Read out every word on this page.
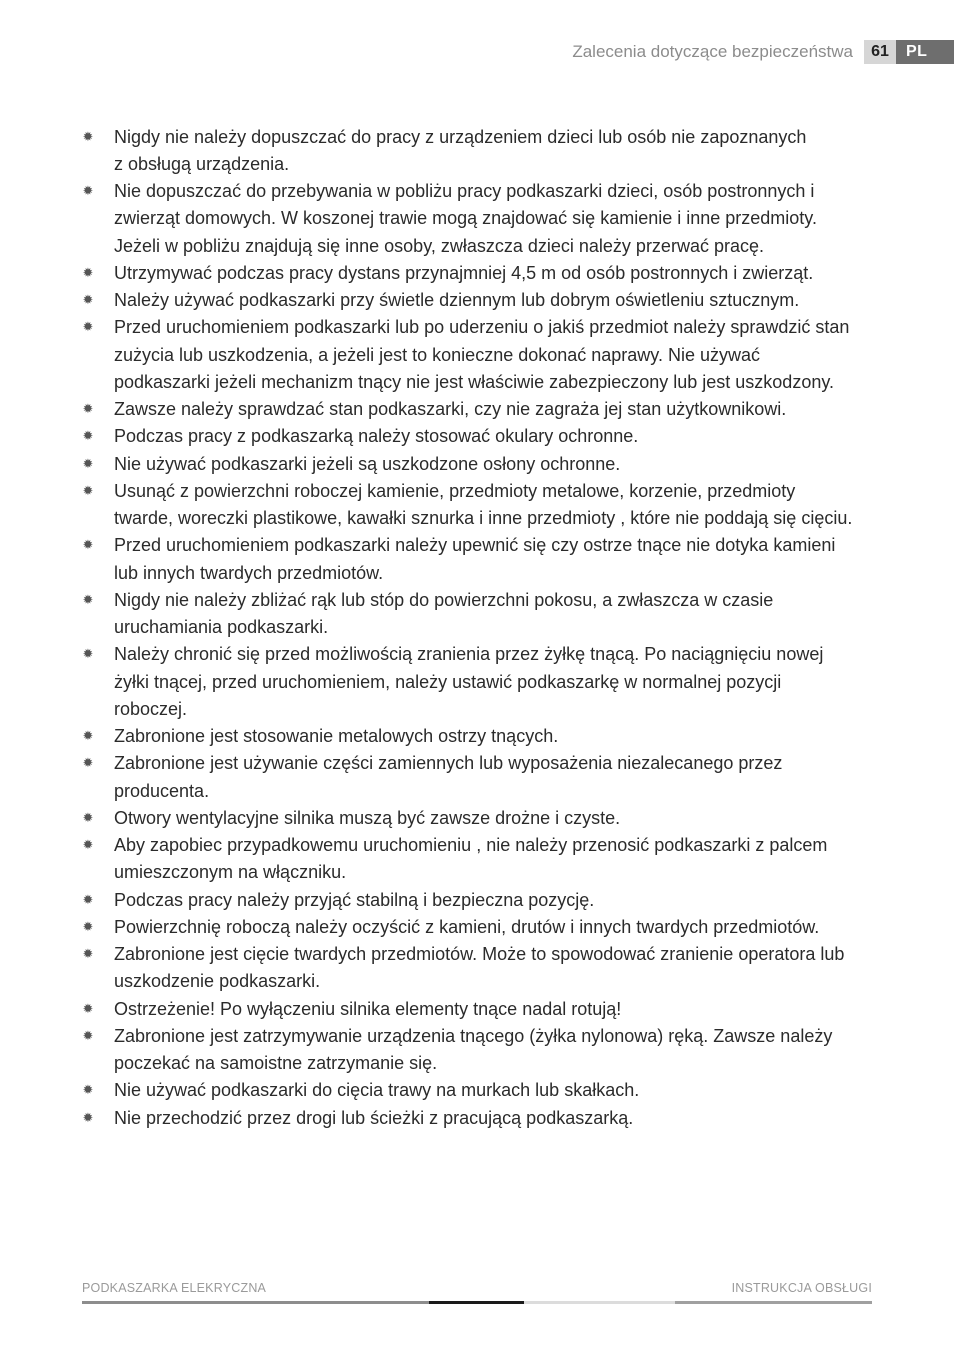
Zalecenia dotyczące bezpieczeństwa	61	PL
✹
Nigdy nie należy dopuszczać do pracy z urządzeniem dzieci lub osób nie zapoznanych
z obsługą urządzenia.
✹
Nie dopuszczać do przebywania w pobliżu pracy podkaszarki dzieci, osób postronnych i
zwierząt domowych. W koszonej trawie mogą znajdować się kamienie i inne przedmioty.
Jeżeli w pobliżu znajdują się inne osoby, zwłaszcza dzieci należy przerwać pracę.
✹
Utrzymywać podczas pracy dystans przynajmniej 4,5 m od osób postronnych i zwierząt.
✹
Należy używać podkaszarki przy świetle dziennym lub dobrym oświetleniu sztucznym.
✹
Przed uruchomieniem podkaszarki lub po uderzeniu o jakiś przedmiot należy sprawdzić stan
zużycia lub uszkodzenia, a jeżeli jest to konieczne dokonać naprawy. Nie używać
podkaszarki jeżeli mechanizm tnący nie jest właściwie zabezpieczony lub jest uszkodzony.
✹
Zawsze należy sprawdzać stan podkaszarki, czy nie zagraża jej stan użytkownikowi.
✹
Podczas pracy z podkaszarką należy stosować okulary ochronne.
✹
Nie używać podkaszarki jeżeli są uszkodzone osłony ochronne.
✹
Usunąć z powierzchni roboczej kamienie, przedmioty metalowe, korzenie, przedmioty
twarde, woreczki plastikowe, kawałki sznurka i inne przedmioty , które nie poddają się cięciu.
✹
Przed uruchomieniem podkaszarki należy upewnić się czy ostrze tnące nie dotyka kamieni
lub innych twardych przedmiotów.
✹
Nigdy nie należy zbliżać rąk lub stóp do powierzchni pokosu, a zwłaszcza w czasie
uruchamiania podkaszarki.
✹
Należy chronić się przed możliwością zranienia przez żyłkę tnącą. Po naciągnięciu nowej
żyłki tnącej, przed uruchomieniem, należy ustawić podkaszarkę w normalnej pozycji
roboczej.
✹
Zabronione jest stosowanie metalowych ostrzy tnących.
✹
Zabronione jest używanie części zamiennych lub wyposażenia niezalecanego przez
producenta.
✹
Otwory wentylacyjne silnika muszą być zawsze drożne i czyste.
✹
Aby zapobiec przypadkowemu uruchomieniu , nie należy przenosić podkaszarki z palcem
umieszczonym na włączniku.
✹
Podczas pracy należy przyjąć stabilną i bezpieczna pozycję.
✹
Powierzchnię roboczą należy oczyścić z kamieni, drutów i innych twardych przedmiotów.
✹
Zabronione jest cięcie twardych przedmiotów. Może to spowodować zranienie operatora lub
uszkodzenie podkaszarki.
✹
Ostrzeżenie! Po wyłączeniu silnika elementy tnące nadal rotują!
✹
Zabronione jest zatrzymywanie urządzenia tnącego (żyłka nylonowa) ręką. Zawsze należy
poczekać na samoistne zatrzymanie się.
✹
Nie używać podkaszarki do cięcia trawy na murkach lub skałkach.
✹
Nie przechodzić przez drogi lub ścieżki z pracującą podkaszarką.
PODKASZARKA ELEKRYCZNA	INSTRUKCJA OBSŁUGI
